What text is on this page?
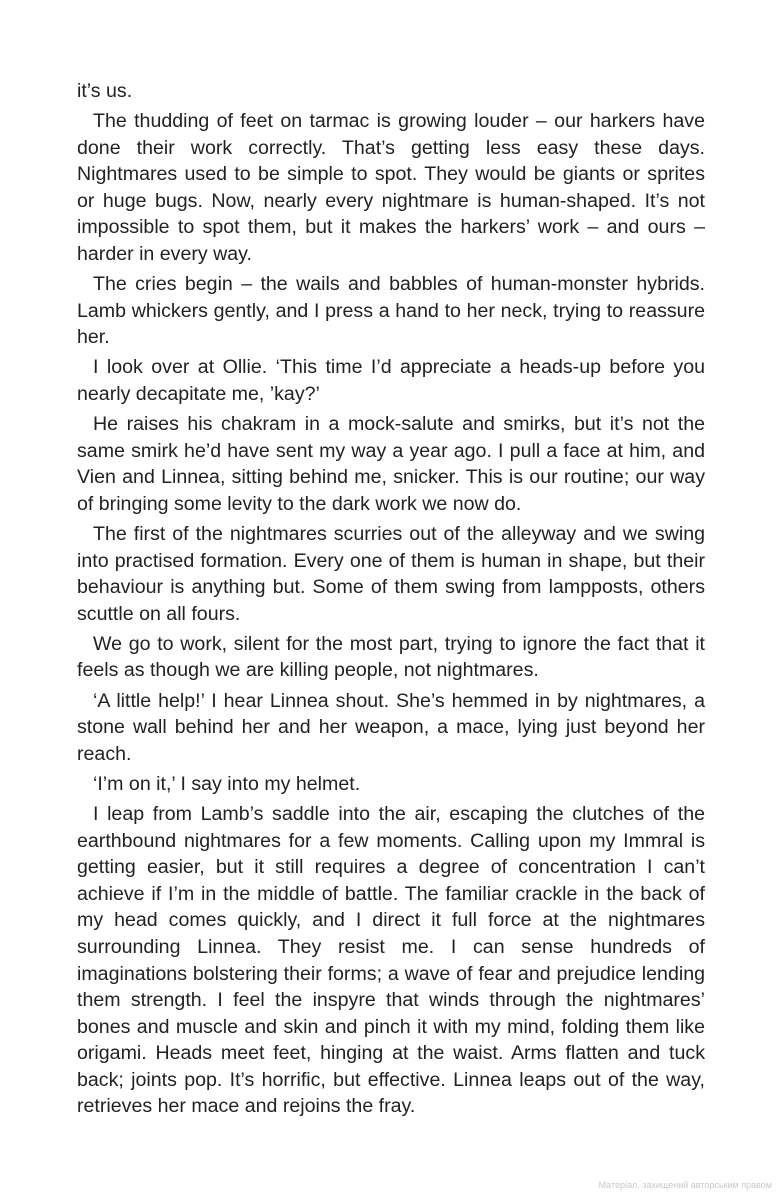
it’s us.

The thudding of feet on tarmac is growing louder – our harkers have done their work correctly. That’s getting less easy these days. Nightmares used to be simple to spot. They would be giants or sprites or huge bugs. Now, nearly every nightmare is human-shaped. It’s not impossible to spot them, but it makes the harkers’ work – and ours – harder in every way.

The cries begin – the wails and babbles of human-monster hybrids. Lamb whickers gently, and I press a hand to her neck, trying to reassure her.

I look over at Ollie. ‘This time I’d appreciate a heads-up before you nearly decapitate me, ’kay?’

He raises his chakram in a mock-salute and smirks, but it’s not the same smirk he’d have sent my way a year ago. I pull a face at him, and Vien and Linnea, sitting behind me, snicker. This is our routine; our way of bringing some levity to the dark work we now do.

The first of the nightmares scurries out of the alleyway and we swing into practised formation. Every one of them is human in shape, but their behaviour is anything but. Some of them swing from lampposts, others scuttle on all fours.

We go to work, silent for the most part, trying to ignore the fact that it feels as though we are killing people, not nightmares.

‘A little help!’ I hear Linnea shout. She’s hemmed in by nightmares, a stone wall behind her and her weapon, a mace, lying just beyond her reach.

‘I’m on it,’ I say into my helmet.

I leap from Lamb’s saddle into the air, escaping the clutches of the earthbound nightmares for a few moments. Calling upon my Immral is getting easier, but it still requires a degree of concentration I can’t achieve if I’m in the middle of battle. The familiar crackle in the back of my head comes quickly, and I direct it full force at the nightmares surrounding Linnea. They resist me. I can sense hundreds of imaginations bolstering their forms; a wave of fear and prejudice lending them strength. I feel the inspyre that winds through the nightmares’ bones and muscle and skin and pinch it with my mind, folding them like origami. Heads meet feet, hinging at the waist. Arms flatten and tuck back; joints pop. It’s horrific, but effective. Linnea leaps out of the way, retrieves her mace and rejoins the fray.

Матеріал, захищений авторським правом
